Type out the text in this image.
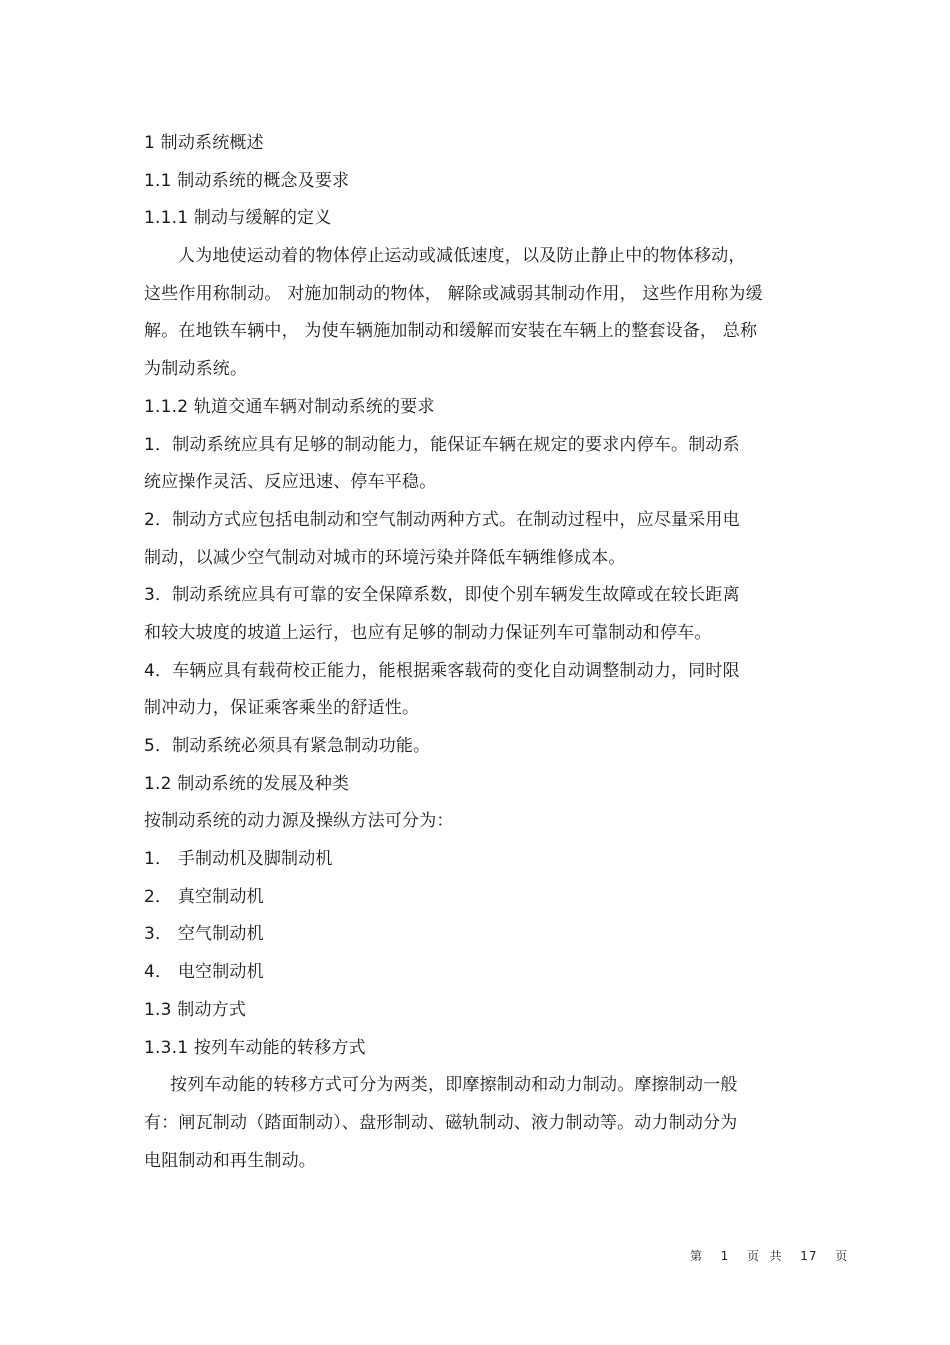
1 制动系统概述
1.1 制动系统的概念及要求
1.1.1 制动与缓解的定义
人为地使运动着的物体停止运动或减低速度，以及防止静止中的物体移动，
这些作用称制动。 对施加制动的物体， 解除或减弱其制动作用， 这些作用称为缓
解。在地铁车辆中， 为使车辆施加制动和缓解而安装在车辆上的整套设备， 总称
为制动系统。
1.1.2 轨道交通车辆对制动系统的要求
1．制动系统应具有足够的制动能力，能保证车辆在规定的要求内停车。制动系
统应操作灵活、反应迅速、停车平稳。
2．制动方式应包括电制动和空气制动两种方式。在制动过程中，应尽量采用电
制动，以减少空气制动对城市的环境污染并降低车辆维修成本。
3．制动系统应具有可靠的安全保障系数，即使个别车辆发生故障或在较长距离
和较大坡度的坡道上运行，也应有足够的制动力保证列车可靠制动和停车。
4．车辆应具有载荷校正能力，能根据乘客载荷的变化自动调整制动力，同时限
制冲动力，保证乘客乘坐的舒适性。
5．制动系统必须具有紧急制动功能。
1.2 制动系统的发展及种类
按制动系统的动力源及操纵方法可分为：
1． 手制动机及脚制动机
2． 真空制动机
3． 空气制动机
4． 电空制动机
1.3 制动方式
1.3.1 按列车动能的转移方式
按列车动能的转移方式可分为两类，即摩擦制动和动力制动。摩擦制动一般
有：闸瓦制动（踏面制动）、盘形制动、磁轨制动、液力制动等。动力制动分为
电阻制动和再生制动。
第 1 页  共 17 页
